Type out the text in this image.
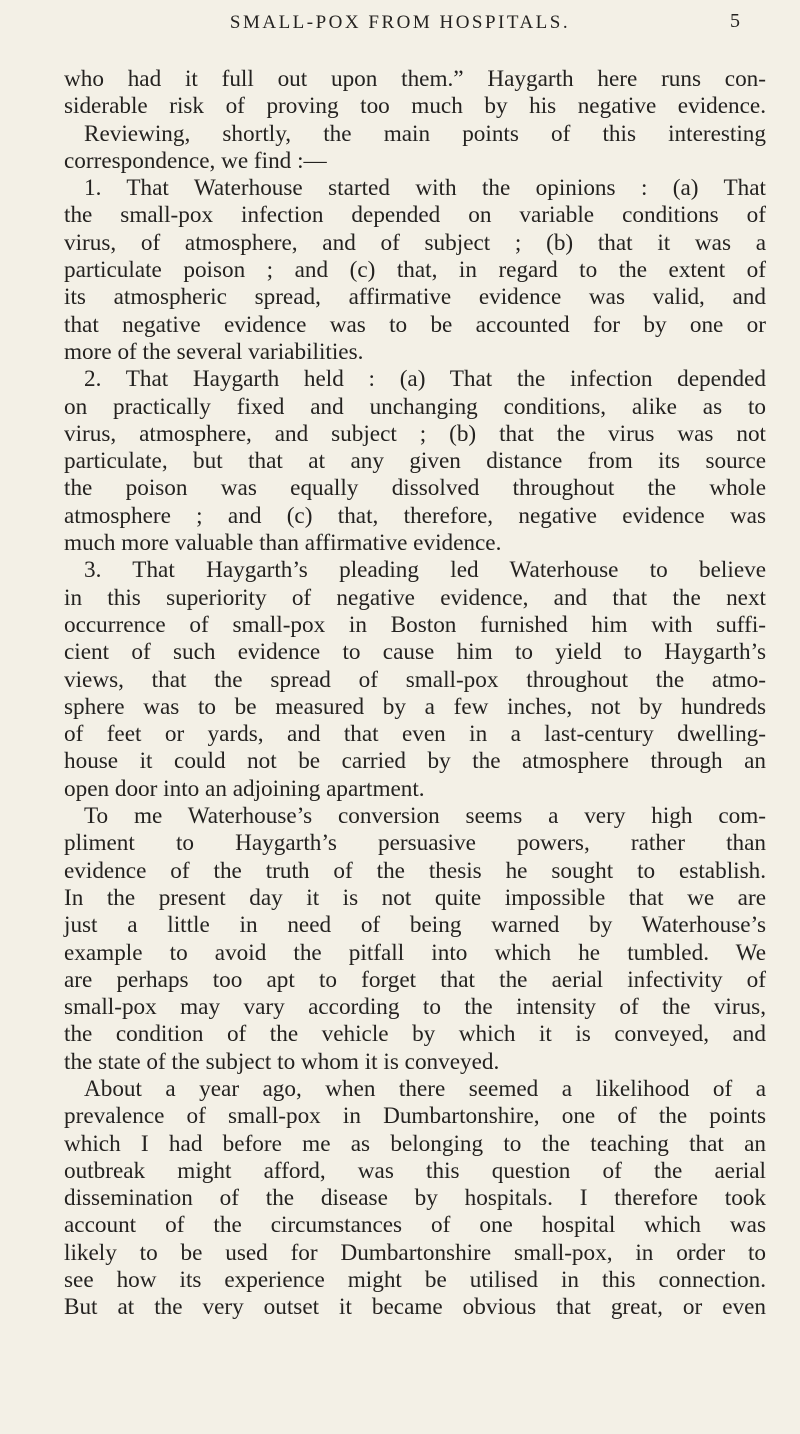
SMALL-POX FROM HOSPITALS.	5
who had it full out upon them.” Haygarth here runs con-
siderable risk of proving too much by his negative evidence.
Reviewing, shortly, the main points of this interesting
correspondence, we find :—
1. That Waterhouse started with the opinions : (a) That
the small-pox infection depended on variable conditions of
virus, of atmosphere, and of subject ; (b) that it was a
particulate poison ; and (c) that, in regard to the extent of
its atmospheric spread, affirmative evidence was valid, and
that negative evidence was to be accounted for by one or
more of the several variabilities.
2. That Haygarth held : (a) That the infection depended
on practically fixed and unchanging conditions, alike as to
virus, atmosphere, and subject ; (b) that the virus was not
particulate, but that at any given distance from its source
the poison was equally dissolved throughout the whole
atmosphere ; and (c) that, therefore, negative evidence was
much more valuable than affirmative evidence.
3. That Haygarth’s pleading led Waterhouse to believe
in this superiority of negative evidence, and that the next
occurrence of small-pox in Boston furnished him with suffi-
cient of such evidence to cause him to yield to Haygarth’s
views, that the spread of small-pox throughout the atmo-
sphere was to be measured by a few inches, not by hundreds
of feet or yards, and that even in a last-century dwelling-
house it could not be carried by the atmosphere through an
open door into an adjoining apartment.
To me Waterhouse’s conversion seems a very high com-
pliment to Haygarth’s persuasive powers, rather than
evidence of the truth of the thesis he sought to establish.
In the present day it is not quite impossible that we are
just a little in need of being warned by Waterhouse’s
example to avoid the pitfall into which he tumbled. We
are perhaps too apt to forget that the aerial infectivity of
small-pox may vary according to the intensity of the virus,
the condition of the vehicle by which it is conveyed, and
the state of the subject to whom it is conveyed.
About a year ago, when there seemed a likelihood of a
prevalence of small-pox in Dumbartonshire, one of the points
which I had before me as belonging to the teaching that an
outbreak might afford, was this question of the aerial
dissemination of the disease by hospitals. I therefore took
account of the circumstances of one hospital which was
likely to be used for Dumbartonshire small-pox, in order to
see how its experience might be utilised in this connection.
But at the very outset it became obvious that great, or even
